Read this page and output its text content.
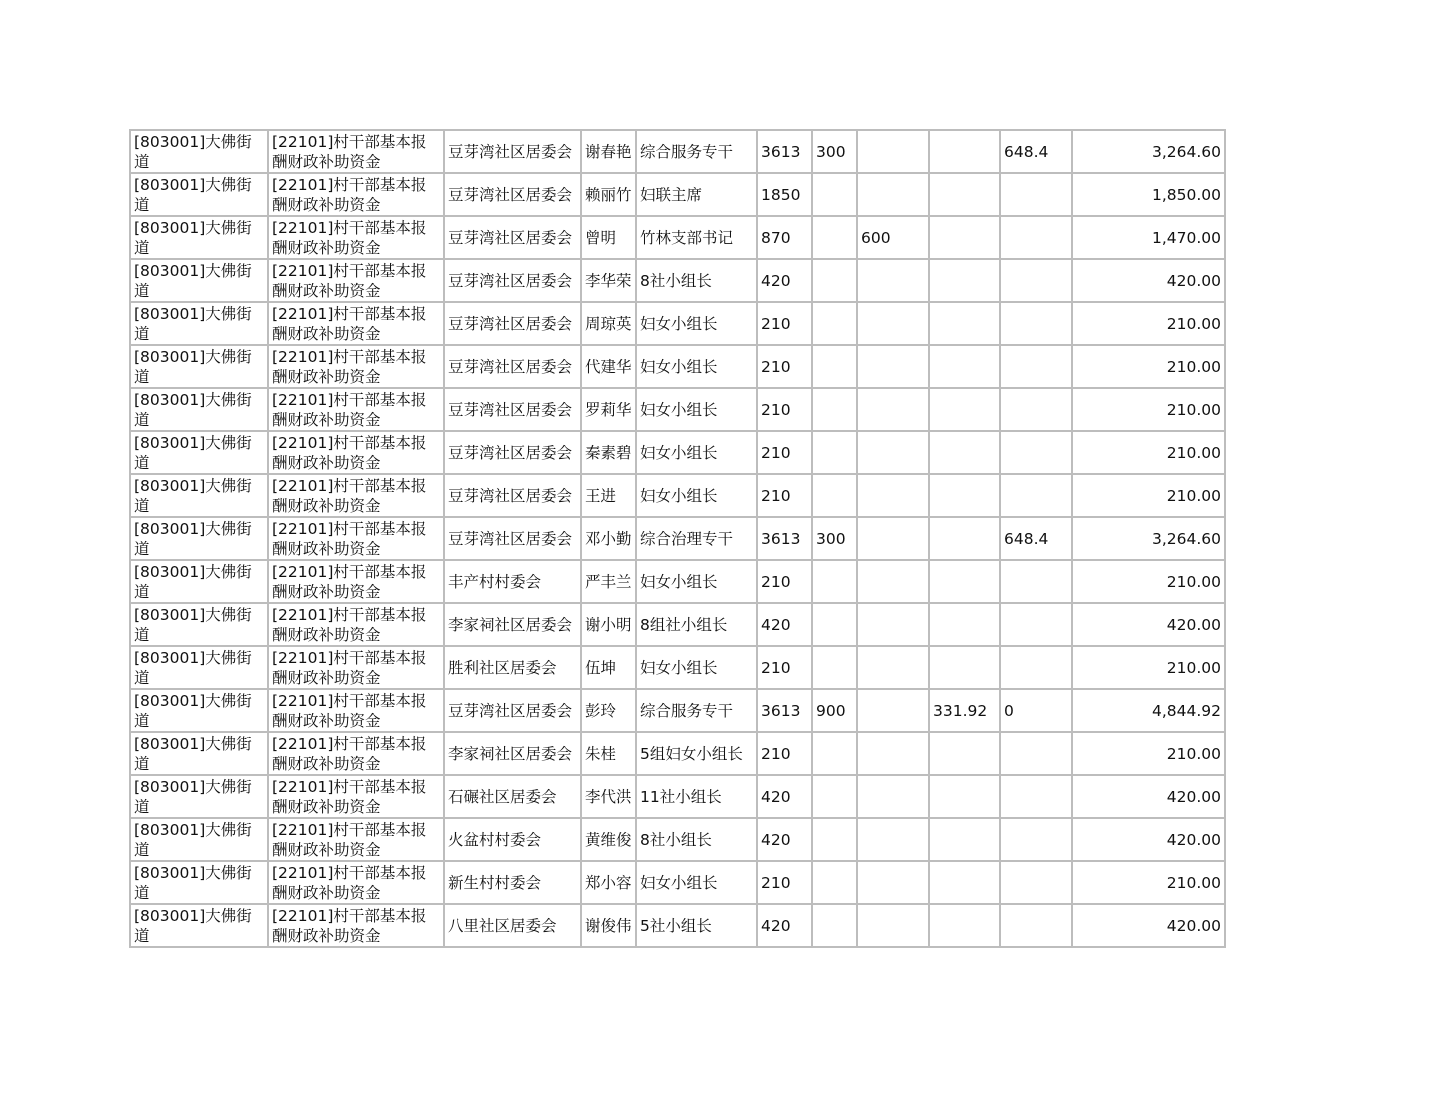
[803001]大佛街道	[22101]村干部基本报酬财政补助资金	豆芽湾社区居委会	谢春艳	综合服务专干	3613	300			648.4	3,264.60
[803001]大佛街道	[22101]村干部基本报酬财政补助资金	豆芽湾社区居委会	赖丽竹	妇联主席	1850					1,850.00
[803001]大佛街道	[22101]村干部基本报酬财政补助资金	豆芽湾社区居委会	曾明	竹林支部书记	870		600			1,470.00
[803001]大佛街道	[22101]村干部基本报酬财政补助资金	豆芽湾社区居委会	李华荣	8社小组长	420					420.00
[803001]大佛街道	[22101]村干部基本报酬财政补助资金	豆芽湾社区居委会	周琼英	妇女小组长	210					210.00
[803001]大佛街道	[22101]村干部基本报酬财政补助资金	豆芽湾社区居委会	代建华	妇女小组长	210					210.00
[803001]大佛街道	[22101]村干部基本报酬财政补助资金	豆芽湾社区居委会	罗莉华	妇女小组长	210					210.00
[803001]大佛街道	[22101]村干部基本报酬财政补助资金	豆芽湾社区居委会	秦素碧	妇女小组长	210					210.00
[803001]大佛街道	[22101]村干部基本报酬财政补助资金	豆芽湾社区居委会	王进	妇女小组长	210					210.00
[803001]大佛街道	[22101]村干部基本报酬财政补助资金	豆芽湾社区居委会	邓小勤	综合治理专干	3613	300			648.4	3,264.60
[803001]大佛街道	[22101]村干部基本报酬财政补助资金	丰产村村委会	严丰兰	妇女小组长	210					210.00
[803001]大佛街道	[22101]村干部基本报酬财政补助资金	李家祠社区居委会	谢小明	8组社小组长	420					420.00
[803001]大佛街道	[22101]村干部基本报酬财政补助资金	胜利社区居委会	伍坤	妇女小组长	210					210.00
[803001]大佛街道	[22101]村干部基本报酬财政补助资金	豆芽湾社区居委会	彭玲	综合服务专干	3613	900		331.92	0	4,844.92
[803001]大佛街道	[22101]村干部基本报酬财政补助资金	李家祠社区居委会	朱桂	5组妇女小组长	210					210.00
[803001]大佛街道	[22101]村干部基本报酬财政补助资金	石碾社区居委会	李代洪	11社小组长	420					420.00
[803001]大佛街道	[22101]村干部基本报酬财政补助资金	火盆村村委会	黄维俊	8社小组长	420					420.00
[803001]大佛街道	[22101]村干部基本报酬财政补助资金	新生村村委会	郑小容	妇女小组长	210					210.00
[803001]大佛街道	[22101]村干部基本报酬财政补助资金	八里社区居委会	谢俊伟	5社小组长	420					420.00
